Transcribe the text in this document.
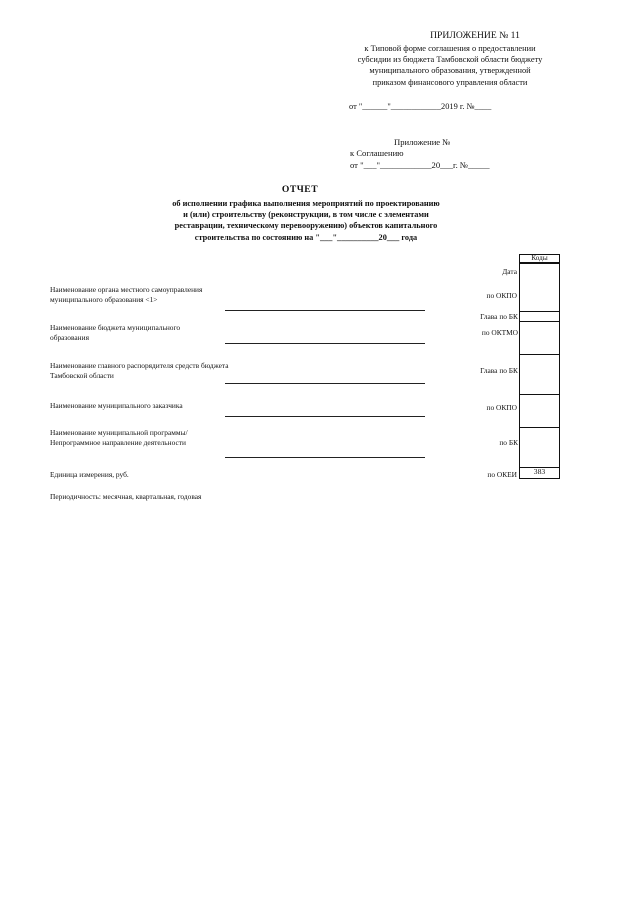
ПРИЛОЖЕНИЕ № 11
к Типовой форме соглашения о предоставлении
субсидии из бюджета Тамбовской области бюджету
муниципального образования, утвержденной
приказом финансового управления области
от "______"____________2019 г. №____
Приложение №
к Соглашению
от "___"____________20___г. №_____
ОТЧЕТ
об исполнении графика выполнения мероприятий по проектированию
и (или) строительству (реконструкции, в том числе с элементами
реставрации, техническому перевооружению) объектов капитального
строительства по состоянию на "___"__________20___ года
Коды
383
Дата
по ОКПО
Глава по БК
по ОКТМО
Глава по БК
по ОКПО
по БК
по ОКЕИ
Наименование органа местного самоуправления муниципального образования <1>
Наименование бюджета муниципального образования
Наименование главного распорядителя средств бюджета Тамбовской области
Наименование муниципального заказчика
Наименование муниципальной программы/Непрограммное направление деятельности
Единица измерения, руб.
Периодичность: месячная, квартальная, годовая
